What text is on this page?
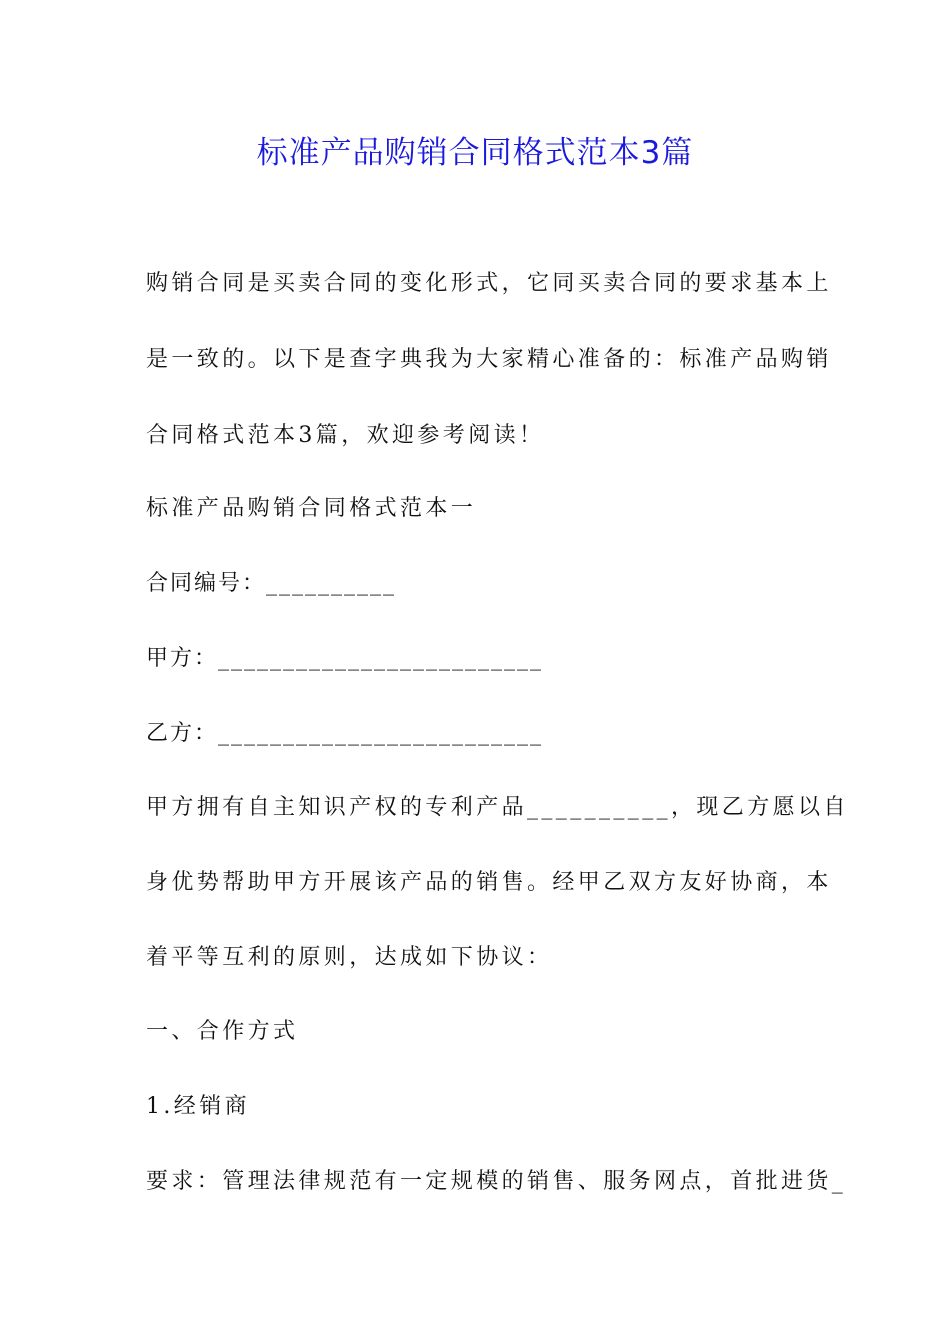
标准产品购销合同格式范本3篇
购销合同是买卖合同的变化形式，它同买卖合同的要求基本上
是一致的。以下是查字典我为大家精心准备的：标准产品购销
合同格式范本3篇，欢迎参考阅读！
标准产品购销合同格式范本一
合同编号：__________
甲方：_________________________
乙方：_________________________
甲方拥有自主知识产权的专利产品__________，现乙方愿以自
身优势帮助甲方开展该产品的销售。经甲乙双方友好协商，本
着平等互利的原则，达成如下协议：
一、合作方式
1.经销商
要求：管理法律规范有一定规模的销售、服务网点，首批进货_
